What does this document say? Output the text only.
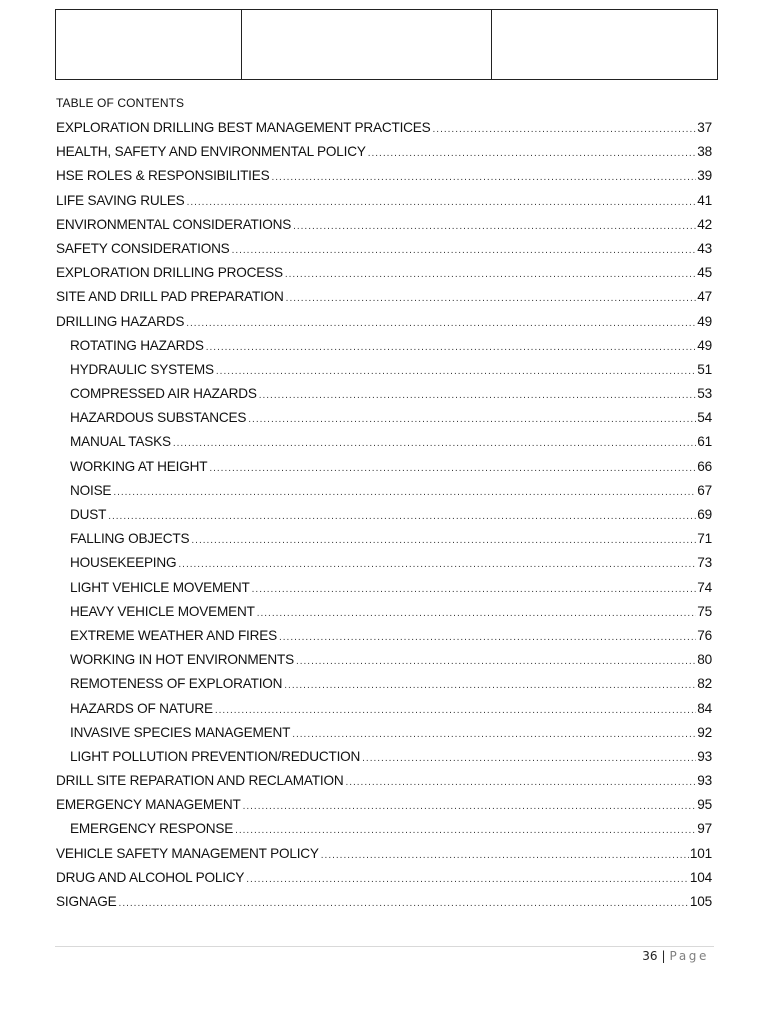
TABLE OF CONTENTS
EXPLORATION DRILLING BEST MANAGEMENT PRACTICES .....	37
HEALTH, SAFETY AND ENVIRONMENTAL POLICY .....	38
HSE ROLES & RESPONSIBILITIES .....	39
LIFE SAVING RULES .....	41
ENVIRONMENTAL CONSIDERATIONS .....	42
SAFETY CONSIDERATIONS .....	43
EXPLORATION DRILLING PROCESS .....	45
SITE AND DRILL PAD PREPARATION .....	47
DRILLING HAZARDS .....	49
ROTATING HAZARDS .....	49
HYDRAULIC SYSTEMS .....	51
COMPRESSED AIR HAZARDS .....	53
HAZARDOUS SUBSTANCES .....	54
MANUAL TASKS .....	61
WORKING AT HEIGHT .....	66
NOISE .....	67
DUST .....	69
FALLING OBJECTS .....	71
HOUSEKEEPING .....	73
LIGHT VEHICLE MOVEMENT .....	74
HEAVY VEHICLE MOVEMENT .....	75
EXTREME WEATHER AND FIRES .....	76
WORKING IN HOT ENVIRONMENTS .....	80
REMOTENESS OF EXPLORATION .....	82
HAZARDS OF NATURE .....	84
INVASIVE SPECIES MANAGEMENT .....	92
LIGHT POLLUTION PREVENTION/REDUCTION .....	93
DRILL SITE REPARATION AND RECLAMATION .....	93
EMERGENCY MANAGEMENT .....	95
EMERGENCY RESPONSE .....	97
VEHICLE SAFETY MANAGEMENT POLICY .....	101
DRUG AND ALCOHOL POLICY .....	104
SIGNAGE .....	105
36 | Page
